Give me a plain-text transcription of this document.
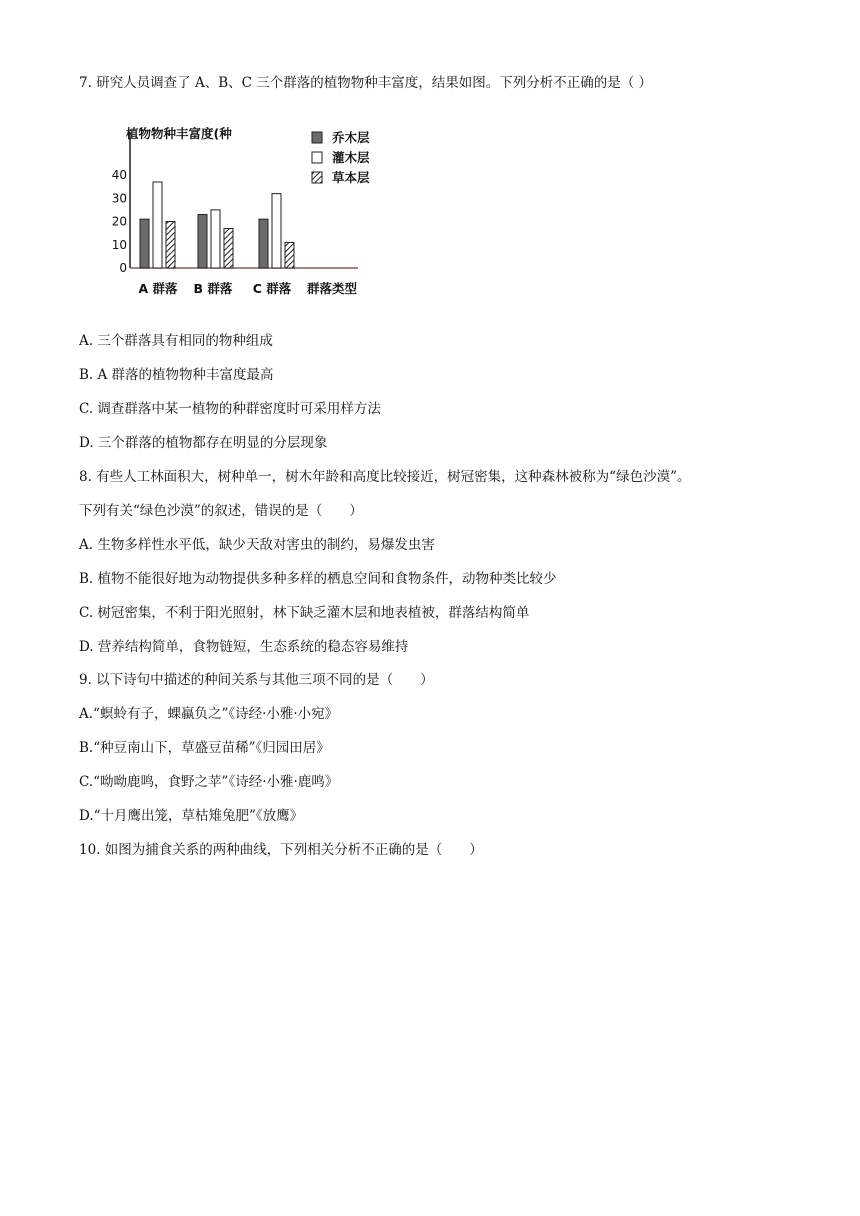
7. 研究人员调查了 A、B、C 三个群落的植物物种丰富度，结果如图。下列分析不正确的是（ ）
植物物种丰富度(种
0
10
20
30
40
A 群落 B 群落 C 群落 群落类型
乔木层
灌木层
草本层
A. 三个群落具有相同的物种组成
B. A 群落的植物物种丰富度最高
C. 调查群落中某一植物的种群密度时可采用样方法
D. 三个群落的植物都存在明显的分层现象
8. 有些人工林面积大，树种单一，树木年龄和高度比较接近，树冠密集，这种森林被称为“绿色沙漠”。
下列有关“绿色沙漠”的叙述，错误的是（　　）
A. 生物多样性水平低，缺少天敌对害虫的制约，易爆发虫害
B. 植物不能很好地为动物提供多种多样的栖息空间和食物条件，动物种类比较少
C. 树冠密集，不利于阳光照射，林下缺乏灌木层和地表植被，群落结构简单
D. 营养结构简单，食物链短，生态系统的稳态容易维持
9. 以下诗句中描述的种间关系与其他三项不同的是（　　）
A.“螟蛉有子，蜾蠃负之”《诗经·小雅·小宛》
B.“种豆南山下，草盛豆苗稀”《归园田居》
C.“呦呦鹿鸣，食野之苹”《诗经·小雅·鹿鸣》
D.“十月鹰出笼，草枯雉兔肥”《放鹰》
10. 如图为捕食关系的两种曲线，下列相关分析不正确的是（　　）
